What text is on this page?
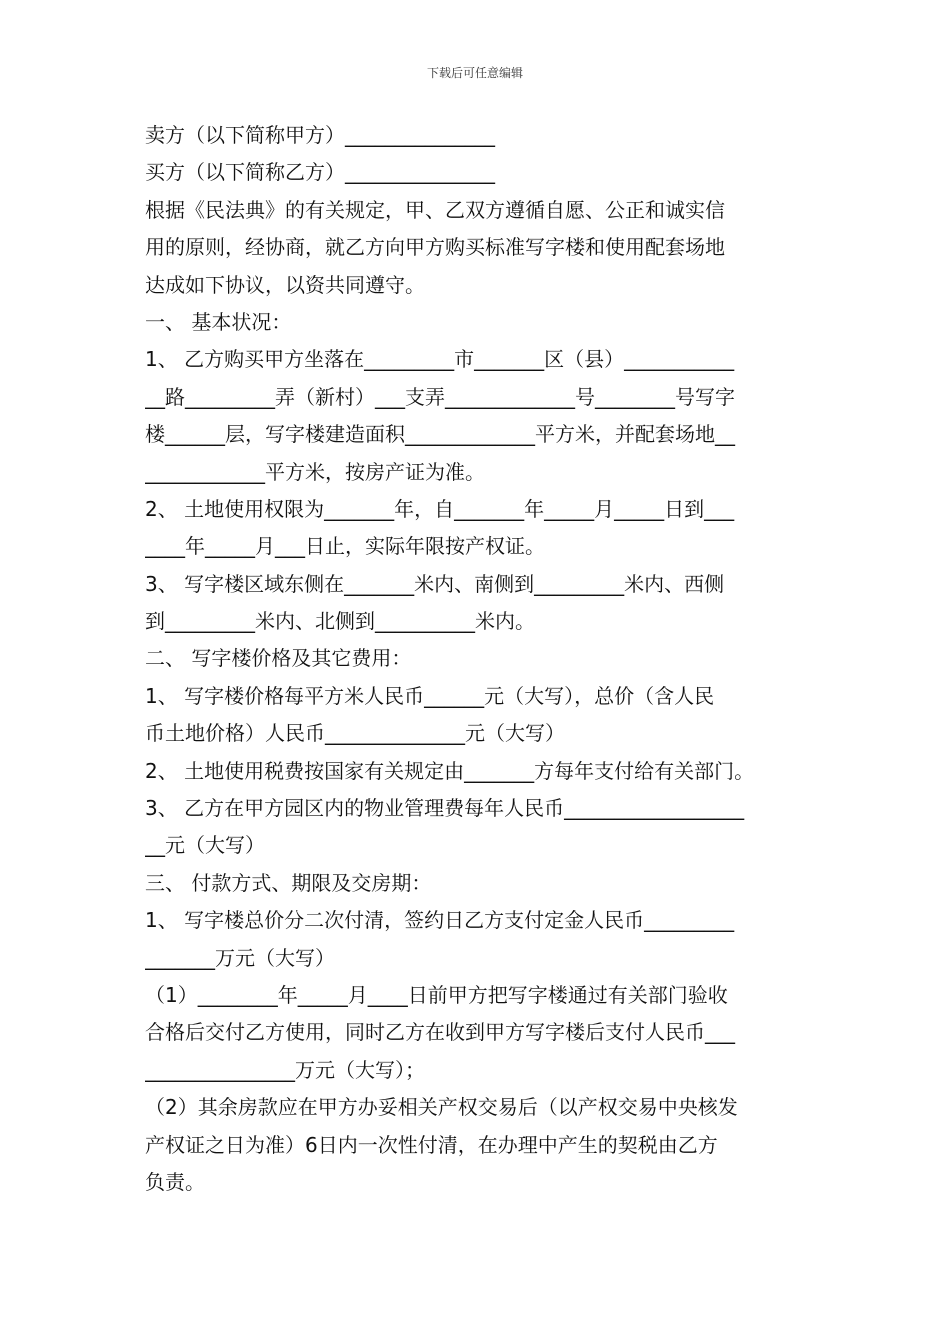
下载后可任意编辑
卖方（以下简称甲方）_______________
买方（以下简称乙方）_______________
根据《民法典》的有关规定，甲、乙双方遵循自愿、公正和诚实信
用的原则，经协商，就乙方向甲方购买标准写字楼和使用配套场地
达成如下协议，以资共同遵守。
一、 基本状况：
1、 乙方购买甲方坐落在_________市_______区（县）___________
__路_________弄（新村）___支弄_____________号________号写字
楼______层，写字楼建造面积_____________平方米，并配套场地__
____________平方米，按房产证为准。
2、 土地使用权限为_______年，自_______年_____月_____日到___
____年_____月___日止，实际年限按产权证。
3、 写字楼区域东侧在_______米内、南侧到_________米内、西侧
到_________米内、北侧到__________米内。
二、 写字楼价格及其它费用：
1、 写字楼价格每平方米人民币______元（大写），总价（含人民
币土地价格）人民币______________元（大写）
2、 土地使用税费按国家有关规定由_______方每年支付给有关部门。
3、 乙方在甲方园区内的物业管理费每年人民币__________________
__元（大写）
三、 付款方式、期限及交房期：
1、 写字楼总价分二次付清，签约日乙方支付定金人民币_________
_______万元（大写）
（1）________年_____月____日前甲方把写字楼通过有关部门验收
合格后交付乙方使用，同时乙方在收到甲方写字楼后支付人民币___
_______________万元（大写）；
（2）其余房款应在甲方办妥相关产权交易后（以产权交易中央核发
产权证之日为准）6日内一次性付清，在办理中产生的契税由乙方
负责。
